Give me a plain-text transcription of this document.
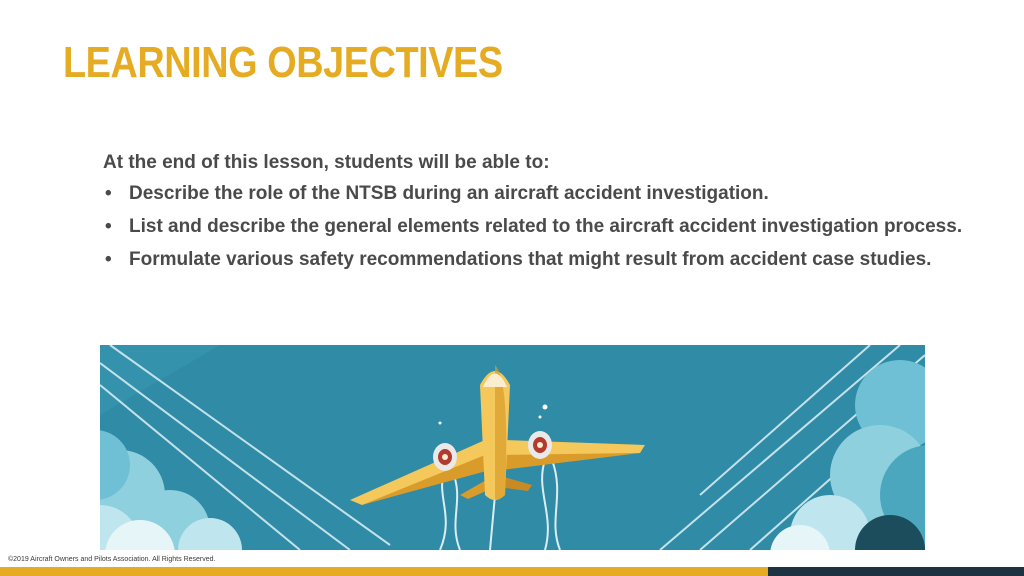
LEARNING OBJECTIVES

At the end of this lesson, students will be able to:

• Describe the role of the NTSB during an aircraft accident investigation.
• List and describe the general elements related to the aircraft accident investigation process.
• Formulate various safety recommendations that might result from accident case studies.
©2019 Aircraft Owners and Pilots Association. All Rights Reserved.
